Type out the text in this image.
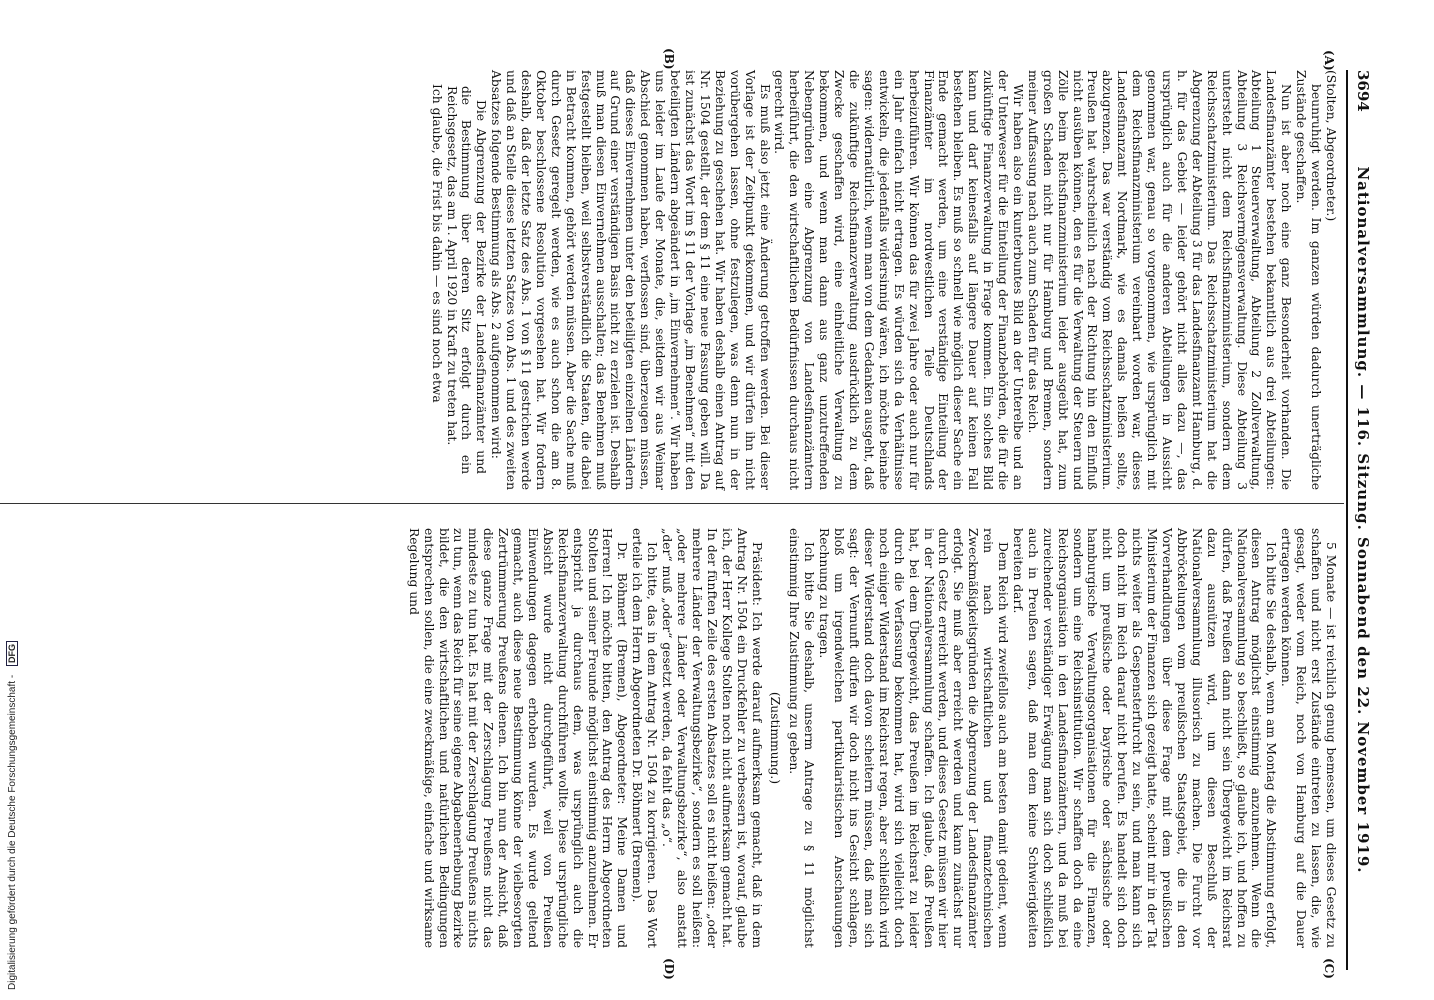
3694
Nationalversammlung. — 116. Sitzung. Sonnabend den 22. November 1919.
(A)
(B)
(C)
(D)

(Stolten, Abgeordneter.)

beunruhigt werden. Im ganzen würden dadurch unerträgliche Zustände geschaffen.

Nun ist aber noch eine ganz Besonderheit vorhanden. Die Landesfinanzämter bestehen bekanntlich aus drei Abteilungen: Abteilung 1 Steuerverwaltung, Abteilung 2 Zollverwaltung, Abteilung 3 Reichsvermögensverwaltung. Diese Abteilung 3 untersteht nicht dem Reichsfinanzministerium, sondern dem Reichsschatzministerium. Das Reichsschatzministerium hat die Abgrenzung der Abteilung 3 für das Landesfinanzamt Hamburg, d. h. für das Gebiet — leider gehört nicht alles dazu —, das ursprünglich auch für die anderen Abteilungen in Aussicht genommen war, genau so vorgenommen, wie ursprünglich mit dem Reichsfinanzministerium vereinbart worden war, dieses Landesfinanzamt Nordmark, wie es damals heißen sollte, abzugrenzen. Das war verständig vom Reichsschatzministerium. Preußen hat wahrscheinlich nach der Richtung hin den Einfluß nicht ausüben können, den es für die Verwaltung der Steuern und Zölle beim Reichsfinanzministerium leider ausgeübt hat, zum großen Schaden nicht nur für Hamburg und Bremen, sondern meiner Auffassung nach auch zum Schaden für das Reich.

Wir haben also ein kunterbuntes Bild an der Unterelbe und an der Unterweser für die Einteilung der Finanzbehörden, die für die zukünftige Finanzverwaltung in Frage kommen. Ein solches Bild kann und darf keinesfalls auf längere Dauer auf keinen Fall bestehen bleiben. Es muß so schnell wie möglich dieser Sache ein Ende gemacht werden, um eine verständige Einteilung der Finanzämter im nordwestlichen Teile Deutschlands herbeizuführen. Wir können das für zwei Jahre oder auch nur für ein Jahr einfach nicht ertragen. Es würden sich da Verhältnisse entwickeln, die jedenfalls widersinnig wären, ich möchte beinahe sagen: widernatürlich, wenn man von dem Gedanken ausgeht, daß die zukünftige Reichsfinanzverwaltung ausdrücklich zu dem Zwecke geschaffen wird, eine einheitliche Verwaltung zu bekommen, und wenn man dann aus ganz unzutreffenden Nebengründen eine Abgrenzung von Landesfinanzämtern herbeiführt, die den wirtschaftlichen Bedürfnissen durchaus nicht gerecht wird.

Es muß also jetzt eine Änderung getroffen werden. Bei dieser Vorlage ist der Zeitpunkt gekommen, und wir dürfen ihn nicht vorübergehen lassen, ohne festzulegen, was denn nun in der Beziehung zu geschehen hat. Wir haben deshalb einen Antrag auf Nr. 1504 gestellt, der dem § 11 eine neue Fassung geben will. Da ist zunächst das Wort im § 11 der Vorlage „im Benehmen“ mit den beteiligten Ländern abgeändert in „im Einvernehmen“. Wir haben uns leider im Laufe der Monate, die, seitdem wir aus Weimar Abschied genommen haben, verflossen sind, überzeugen müssen, daß dieses Einvernehmen unter den beteiligten einzelnen Ländern auf Grund einer verständigen Basis nicht zu erzielen ist. Deshalb muß man diesen Einvernehmen ausschalten; das Benehmen muß festgestellt bleiben, weil selbstverständlich die Staaten, die dabei in Betracht kommen, gehört werden müssen. Aber die Sache muß durch Gesetz geregelt werden, wie es auch schon die am 8. Oktober beschlossene Resolution vorgesehen hat. Wir fordern deshalb, daß der letzte Satz des Abs. 1 von § 11 gestrichen werde und daß an Stelle dieses letzten Satzes von Abs. 1 und des zweiten Absatzes folgende Bestimmung als Abs. 2 aufgenommen wird:

Die Abgrenzung der Bezirke der Landesfinanzämter und die Bestimmung über deren Sitz erfolgt durch ein Reichsgesetz, das am 1. April 1920 in Kraft zu treten hat.

Ich glaube, die Frist bis dahin — es sind noch etwa

5 Monate — ist reichlich genug bemessen, um dieses Gesetz zu schaffen und nicht erst Zustände eintreten zu lassen, die, wie gesagt, weder vom Reich, noch von Hamburg auf die Dauer ertragen werden können.

Ich bitte Sie deshalb, wenn am Montag die Abstimmung erfolgt, diesen Antrag möglichst einstimmig anzunehmen. Wenn die Nationalversammlung so beschließt, so glaube ich, und hoffen zu dürfen, daß Preußen dann nicht sein Übergewicht im Reichsrat dazu ausnützen wird, um diesen Beschluß der Nationalversammlung illusorisch zu machen. Die Furcht vor Abbröckelungen vom preußischen Staatsgebiet, die in den Vorverhandlungen über diese Frage mit dem preußischen Ministerium der Finanzen sich gezeigt hatte, scheint mir in der Tat nichts weiter als Gespensterfurcht zu sein, und man kann sich doch nicht im Reich darauf nicht berufen. Es handelt sich doch nicht um preußische oder bayrische oder sächsische oder hamburgische Verwaltungsorganisationen für die Finanzen, sondern um eine Reichsinstitution. Wir schaffen doch da eine Reichsorganisation in den Landesfinanzämtern, und da muß bei zureichender verständiger Erwägung man sich doch schließlich auch in Preußen sagen, daß man dem keine Schwierigkeiten bereiten darf.

Dem Reich wird zweifellos auch am besten damit gedient, wenn rein nach wirtschaftlichen und finanztechnischen Zweckmäßigkeitsgründen die Abgrenzung der Landesfinanzämter erfolgt. Sie muß aber erreicht werden und kann zunächst nur durch Gesetz erreicht werden, und dieses Gesetz müssen wir hier in der Nationalversammlung schaffen. Ich glaube, daß Preußen hat, bei dem Übergewicht, das Preußen im Reichsrat zu leider durch die Verfassung bekommen hat, wird sich vielleicht doch noch einiger Widerstand im Reichsrat regen, aber schließlich wird dieser Widerstand doch davon scheitern müssen, daß man sich sagt: der Vernunft dürfen wir doch nicht ins Gesicht schlagen, bloß um irgendwelchen partikularistischen Anschauungen Rechnung zu tragen.

Ich bitte Sie deshalb, unserm Antrage zu § 11 möglichst einstimmig Ihre Zustimmung zu geben.

(Zustimmung.)

Präsident: Ich werde darauf aufmerksam gemacht, daß in dem Antrag Nr. 1504 ein Druckfehler zu verbessern ist, worauf, glaube ich, der Herr Kollege Stolten noch nicht aufmerksam gemacht hat. In der fünften Zeile des ersten Absatzes soll es nicht heißen: „oder mehrere Länder der Verwaltungsbezirke“, sondern es soll heißen: „oder mehrere Länder oder Verwaltungsbezirke“, also anstatt „der“ muß „oder“ gesetzt werden, da fehlt das „o“.

Ich bitte, das in dem Antrag Nr. 1504 zu korrigieren. Das Wort erteile ich dem Herrn Abgeordneten Dr. Böhmert (Bremen).

Dr. Böhmert (Bremen), Abgeordneter: Meine Damen und Herren! Ich möchte bitten, den Antrag des Herrn Abgeordneten Stolten und seiner Freunde möglichst einstimmig anzunehmen. Er entspricht ja durchaus dem, was ursprünglich auch die Reichsfinanzverwaltung durchführen wollte. Diese ursprüngliche Absicht wurde nicht durchgeführt, weil von Preußen Einwendungen dagegen erhoben wurden. Es wurde geltend gemacht, auch diese neue Bestimmung könne der vielbesorgten Zertrümmerung Preußens dienen. Ich bin nun der Ansicht, daß diese ganze Frage mit der Zerschlagung Preußens nicht das mindeste zu tun hat. Es hat mit der Zerschlagung Preußens nichts zu tun, wenn das Reich für seine eigene Abgabenerhebung Bezirke bildet, die den wirtschaftlichen und natürlichen Bedingungen entsprechen sollen, die eine zweckmäßige, einfache und wirksame Regelung und

Digitalisierung gefördert durch die Deutsche Forschungsgemeinschaft - DFG
